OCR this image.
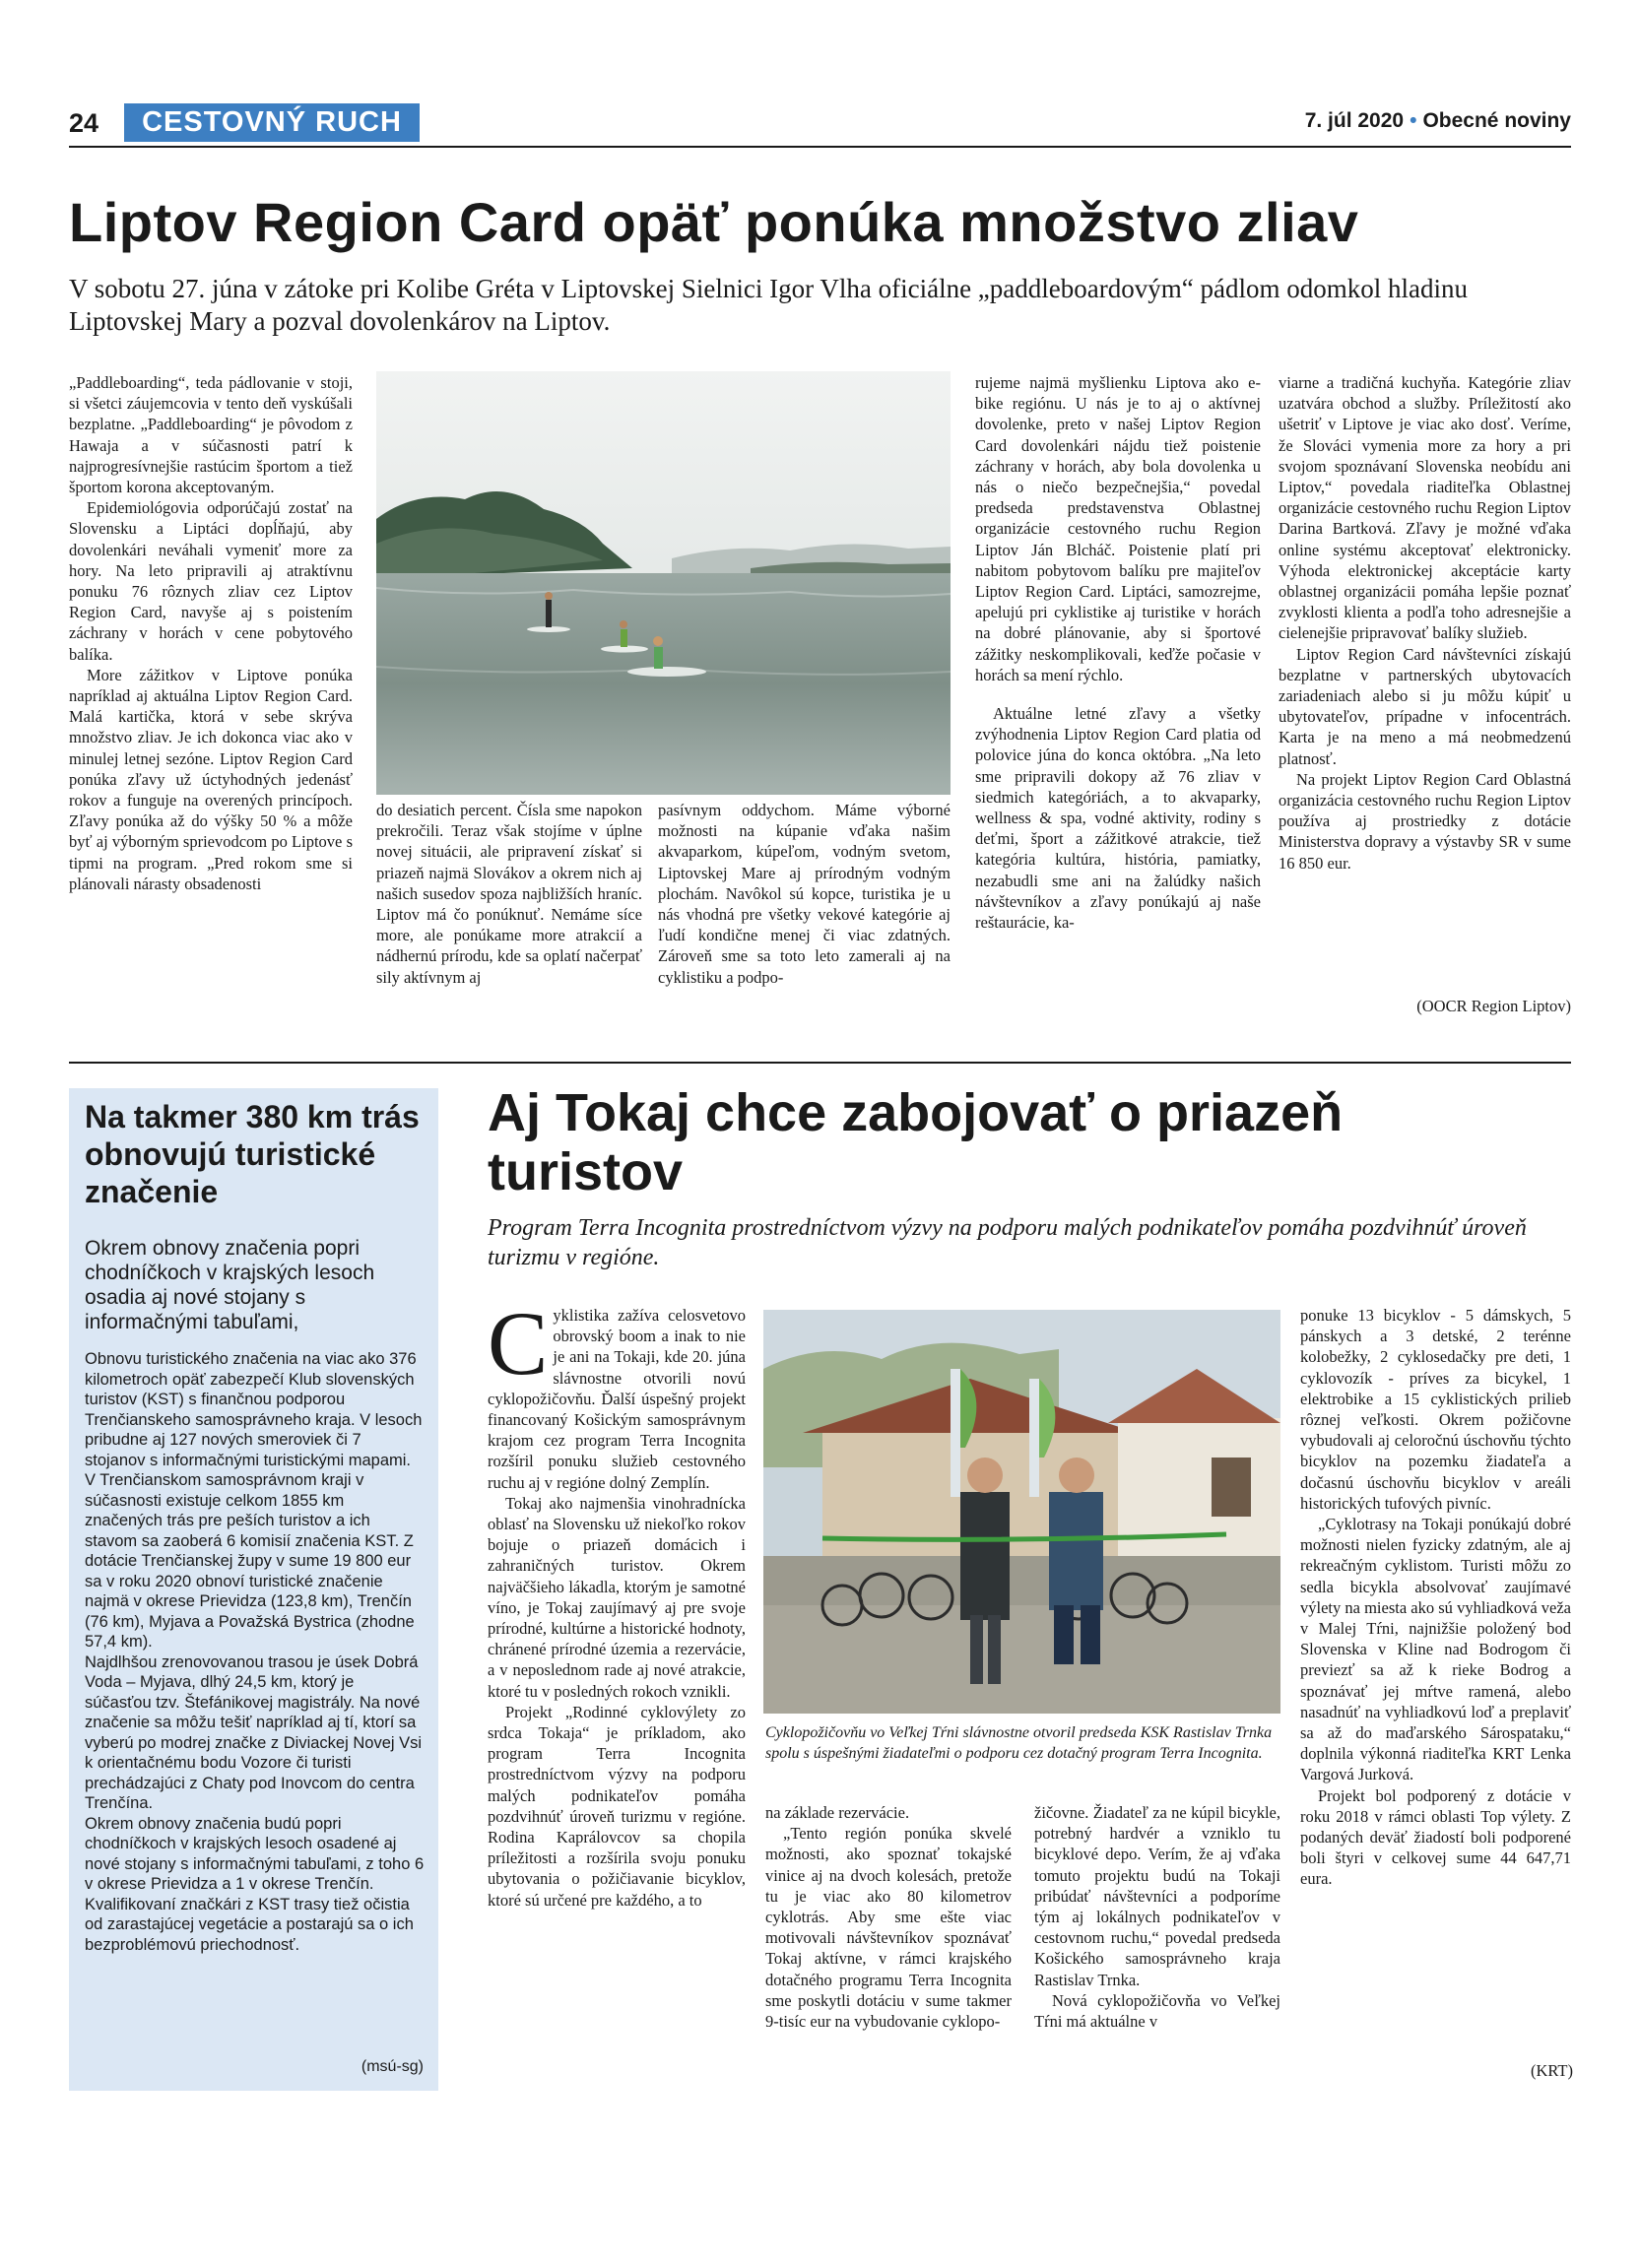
24	CESTOVNÝ RUCH	7. júl 2020 • Obecné noviny
Liptov Region Card opäť ponúka množstvo zliav
V sobotu 27. júna v zátoke pri Kolibe Gréta v Liptovskej Sielnici Igor Vlha oficiálne „paddleboardovým“ pádlom odomkol hladinu Liptovskej Mary a pozval dovolenkárov na Liptov.

„Paddleboarding“, teda pádlovanie v stoji, si všetci záujemcovia v tento deň vyskúšali bezplatne. „Paddleboarding“ je pôvodom z Hawaja a v súčasnosti patrí k najprogresívnejšie rastúcim športom a tiež športom korona akceptovaným.

Epidemiológovia odporúčajú zostať na Slovensku a Liptáci dopĺňajú, aby dovolenkári neváhali vymeniť more za hory. Na leto pripravili aj atraktívnu ponuku 76 rôznych zliav cez Liptov Region Card, navyše aj s poistením záchrany v horách v cene pobytového balíka.

More zážitkov v Liptove ponúka napríklad aj aktuálna Liptov Region Card. Malá kartička, ktorá v sebe skrýva množstvo zliav. Je ich dokonca viac ako v minulej letnej sezóne. Liptov Region Card ponúka zľavy už úctyhodných jedenásť rokov a funguje na overených princípoch. Zľavy ponúka až do výšky 50 % a môže byť aj výborným sprievodcom po Liptove s tipmi na program. „Pred rokom sme si plánovali nárasty obsadenosti

do desiatich percent. Čísla sme napokon prekročili. Teraz však stojíme v úplne novej situácii, ale pripravení získať si priazeň najmä Slovákov a okrem nich aj našich susedov spoza najbližších hraníc. Liptov má čo ponúknuť. Nemáme síce more, ale ponúkame more atrakcií a nádhernú prírodu, kde sa oplatí načerpať sily aktívnym aj

pasívnym oddychom. Máme výborné možnosti na kúpanie vďaka našim akvaparkom, kúpeľom, vodným svetom, Liptovskej Mare aj prírodným vodným plochám. Navôkol sú kopce, turistika je u nás vhodná pre všetky vekové kategórie aj ľudí kondične menej či viac zdatných. Zároveň sme sa toto leto zamerali aj na cyklistiku a podpo-

rujeme najmä myšlienku Liptova ako e-bike regiónu. U nás je to aj o aktívnej dovolenke, preto v našej Liptov Region Card dovolenkári nájdu tiež poistenie záchrany v horách, aby bola dovolenka u nás o niečo bezpečnejšia,“ povedal predseda predstavenstva Oblastnej organizácie cestovného ruchu Region Liptov Ján Blcháč. Poistenie platí pri nabitom pobytovom balíku pre majiteľov Liptov Region Card. Liptáci, samozrejme, apelujú pri cyklistike aj turistike v horách na dobré plánovanie, aby si športové zážitky neskomplikovali, keďže počasie v horách sa mení rýchlo.

Aktuálne letné zľavy a všetky zvýhodnenia Liptov Region Card platia od polovice júna do konca októbra. „Na leto sme pripravili dokopy až 76 zliav v siedmich kategóriách, a to akvaparky, wellness & spa, vodné aktivity, rodiny s deťmi, šport a zážitkové atrakcie, tiež kategória kultúra, história, pamiatky, nezabudli sme ani na žalúdky našich návštevníkov a zľavy ponúkajú aj naše reštaurácie, ka-

viarne a tradičná kuchyňa. Kategórie zliav uzatvára obchod a služby. Príležitostí ako ušetriť v Liptove je viac ako dosť. Veríme, že Slováci vymenia more za hory a pri svojom spoznávaní Slovenska neobídu ani Liptov,“ povedala riaditeľka Oblastnej organizácie cestovného ruchu Region Liptov Darina Bartková. Zľavy je možné vďaka online systému akceptovať elektronicky. Výhoda elektronickej akceptácie karty oblastnej organizácii pomáha lepšie poznať zvyklosti klienta a podľa toho adresnejšie a cielenejšie pripravovať balíky služieb.

Liptov Region Card návštevníci získajú bezplatne v partnerských ubytovacích zariadeniach alebo si ju môžu kúpiť u ubytovateľov, prípadne v infocentrách. Karta je na meno a má neobmedzenú platnosť.

Na projekt Liptov Region Card Oblastná organizácia cestovného ruchu Region Liptov používa aj prostriedky z dotácie Ministerstva dopravy a výstavby SR v sume 16 850 eur.

(OOCR Region Liptov)
Na takmer 380 km trás obnovujú turistické značenie
Okrem obnovy značenia popri chodníčkoch v krajských lesoch osadia aj nové stojany s informačnými tabuľami,

Obnovu turistického značenia na viac ako 376 kilometroch opäť zabezpečí Klub slovenských turistov (KST) s finančnou podporou Trenčianskeho samosprávneho kraja. V lesoch pribudne aj 127 nových smeroviek či 7 stojanov s informačnými turistickými mapami.

V Trenčianskom samosprávnom kraji v súčasnosti existuje celkom 1855 km značených trás pre peších turistov a ich stavom sa zaoberá 6 komisií značenia KST. Z dotácie Trenčianskej župy v sume 19 800 eur sa v roku 2020 obnoví turistické značenie najmä v okrese Prievidza (123,8 km), Trenčín (76 km), Myjava a Považská Bystrica (zhodne 57,4 km).

Najdlhšou zrenovovanou trasou je úsek Dobrá Voda – Myjava, dlhý 24,5 km, ktorý je súčasťou tzv. Štefánikovej magistrály. Na nové značenie sa môžu tešiť napríklad aj tí, ktorí sa vyberú po modrej značke z Diviackej Novej Vsi k orientačnému bodu Vozore či turisti prechádzajúci z Chaty pod Inovcom do centra Trenčína.

Okrem obnovy značenia budú popri chodníčkoch v krajských lesoch osadené aj nové stojany s informačnými tabuľami, z toho 6 v okrese Prievidza a 1 v okrese Trenčín. Kvalifikovaní značkári z KST trasy tiež očistia od zarastajúcej vegetácie a postarajú sa o ich bezproblémovú priechodnosť.

(msú-sg)
Aj Tokaj chce zabojovať o priazeň turistov
Program Terra Incognita prostredníctvom výzvy na podporu malých podnikateľov pomáha pozdvihnúť úroveň turizmu v regióne.

Cyklistika zažíva celosvetovo obrovský boom a inak to nie je ani na Tokaji, kde 20. júna slávnostne otvorili novú cyklopožičovňu. Ďalší úspešný projekt financovaný Košickým samosprávnym krajom cez program Terra Incognita rozšíril ponuku služieb cestovného ruchu aj v regióne dolný Zemplín.

Tokaj ako najmenšia vinohradnícka oblasť na Slovensku už niekoľko rokov bojuje o priazeň domácich i zahraničných turistov. Okrem najväčšieho lákadla, ktorým je samotné víno, je Tokaj zaujímavý aj pre svoje prírodné, kultúrne a historické hodnoty, chránené prírodné územia a rezervácie, a v neposlednom rade aj nové atrakcie, ktoré tu v posledných rokoch vznikli.

Projekt „Rodinné cyklovýlety zo srdca Tokaja“ je príkladom, ako program Terra Incognita prostredníctvom výzvy na podporu malých podnikateľov pomáha pozdvihnúť úroveň turizmu v regióne. Rodina Kaprálovcov sa chopila príležitosti a rozšírila svoju ponuku ubytovania o požičiavanie bicyklov, ktoré sú určené pre každého, a to

Cyklopožičovňu vo Veľkej Tŕni slávnostne otvoril predseda KSK Rastislav Trnka spolu s úspešnými žiadateľmi o podporu cez dotačný program Terra Incognita.

na základe rezervácie.

„Tento región ponúka skvelé možnosti, ako spoznať tokajské vinice aj na dvoch kolesách, pretože tu je viac ako 80 kilometrov cyklotrás. Aby sme ešte viac motivovali návštevníkov spoznávať Tokaj aktívne, v rámci krajského dotačného programu Terra Incognita sme poskytli dotáciu v sume takmer 9-tisíc eur na vybudovanie cyklopo-

žičovne. Žiadateľ za ne kúpil bicykle, potrebný hardvér a vzniklo tu bicyklové depo. Verím, že aj vďaka tomuto projektu budú na Tokaji pribúdať návštevníci a podporíme tým aj lokálnych podnikateľov v cestovnom ruchu,“ povedal predseda Košického samosprávneho kraja Rastislav Trnka.

Nová cyklopožičovňa vo Veľkej Tŕni má aktuálne v

ponuke 13 bicyklov - 5 dámskych, 5 pánskych a 3 detské, 2 terénne kolobežky, 2 cyklosedačky pre deti, 1 cyklovozík - príves za bicykel, 1 elektrobike a 15 cyklistických prilieb rôznej veľkosti. Okrem požičovne vybudovali aj celoročnú úschovňu týchto bicyklov na pozemku žiadateľa a dočasnú úschovňu bicyklov v areáli historických tufových pivníc.

„Cyklotrasy na Tokaji ponúkajú dobré možnosti nielen fyzicky zdatným, ale aj rekreačným cyklistom. Turisti môžu zo sedla bicykla absolvovať zaujímavé výlety na miesta ako sú vyhliadková veža v Malej Tŕni, najnižšie položený bod Slovenska v Kline nad Bodrogom či previezť sa až k rieke Bodrog a spoznávať jej mŕtve ramená, alebo nasadnúť na vyhliadkovú loď a preplaviť sa až do maďarského Sárospataku,“ doplnila výkonná riaditeľka KRT Lenka Vargová Jurková.

Projekt bol podporený z dotácie v roku 2018 v rámci oblasti Top výlety. Z podaných deväť žiadostí boli podporené boli štyri v celkovej sume 44 647,71 eura.

(KRT)
